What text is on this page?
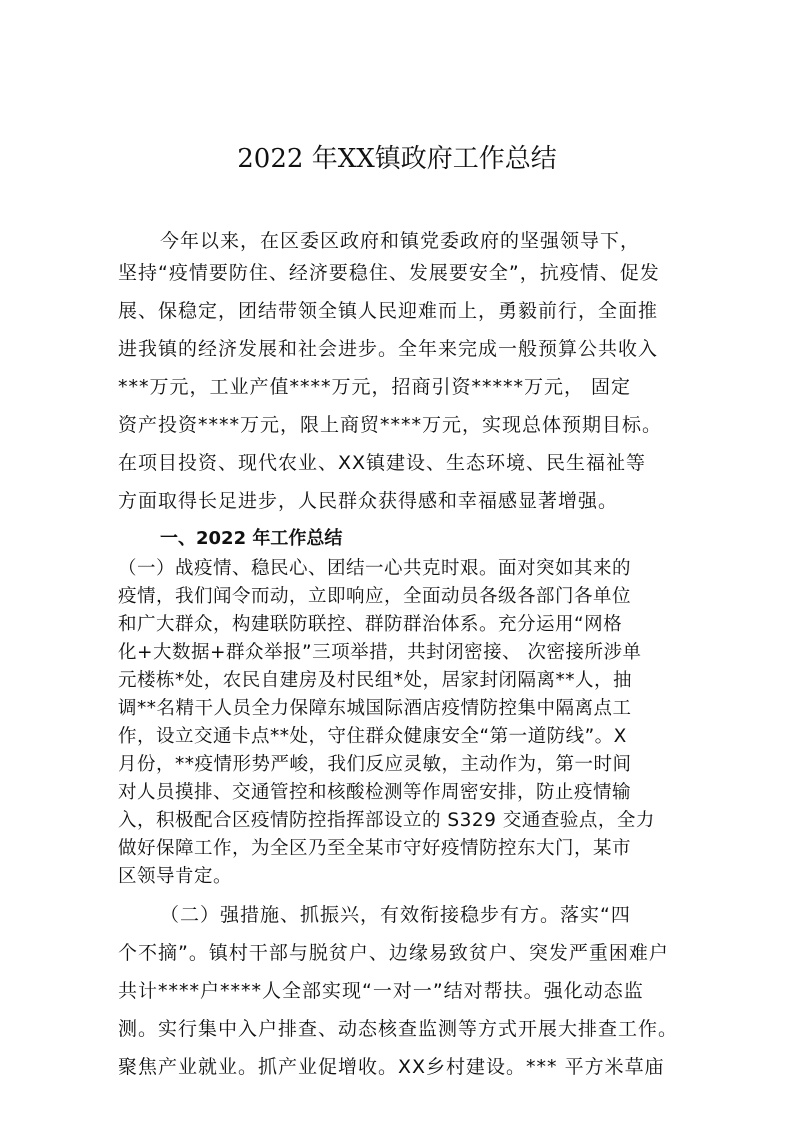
2022 年XX镇政府工作总结
今年以来，在区委区政府和镇党委政府的坚强领导下，
坚持“疫情要防住、经济要稳住、发展要安全”，抗疫情、促发
展、保稳定，团结带领全镇人民迎难而上，勇毅前行，全面推
进我镇的经济发展和社会进步。全年来完成一般预算公共收入
***万元，工业产值****万元，招商引资*****万元， 固定
资产投资****万元，限上商贸****万元，实现总体预期目标。
在项目投资、现代农业、XX镇建设、生态环境、民生福祉等
方面取得长足进步，人民群众获得感和幸福感显著增强。
一、2022 年工作总结
（一）战疫情、稳民心、团结一心共克时艰。面对突如其来的
疫情，我们闻令而动，立即响应，全面动员各级各部门各单位
和广大群众，构建联防联控、群防群治体系。充分运用“网格
化+大数据+群众举报”三项举措，共封闭密接、 次密接所涉单
元楼栋*处，农民自建房及村民组*处，居家封闭隔离**人，抽
调**名精干人员全力保障东城国际酒店疫情防控集中隔离点工
作，设立交通卡点**处，守住群众健康安全“第一道防线”。X
月份，**疫情形势严峻，我们反应灵敏，主动作为，第一时间
对人员摸排、交通管控和核酸检测等作周密安排，防止疫情输
入，积极配合区疫情防控指挥部设立的 S329 交通查验点，全力
做好保障工作，为全区乃至全某市守好疫情防控东大门，某市
区领导肯定。
（二）强措施、抓振兴，有效衔接稳步有方。落实“四
个不摘”。镇村干部与脱贫户、边缘易致贫户、突发严重困难户
共计****户****人全部实现“一对一”结对帮扶。强化动态监
测。实行集中入户排查、动态核查监测等方式开展大排查工作。
聚焦产业就业。抓产业促增收。XX乡村建设。*** 平方米草庙
